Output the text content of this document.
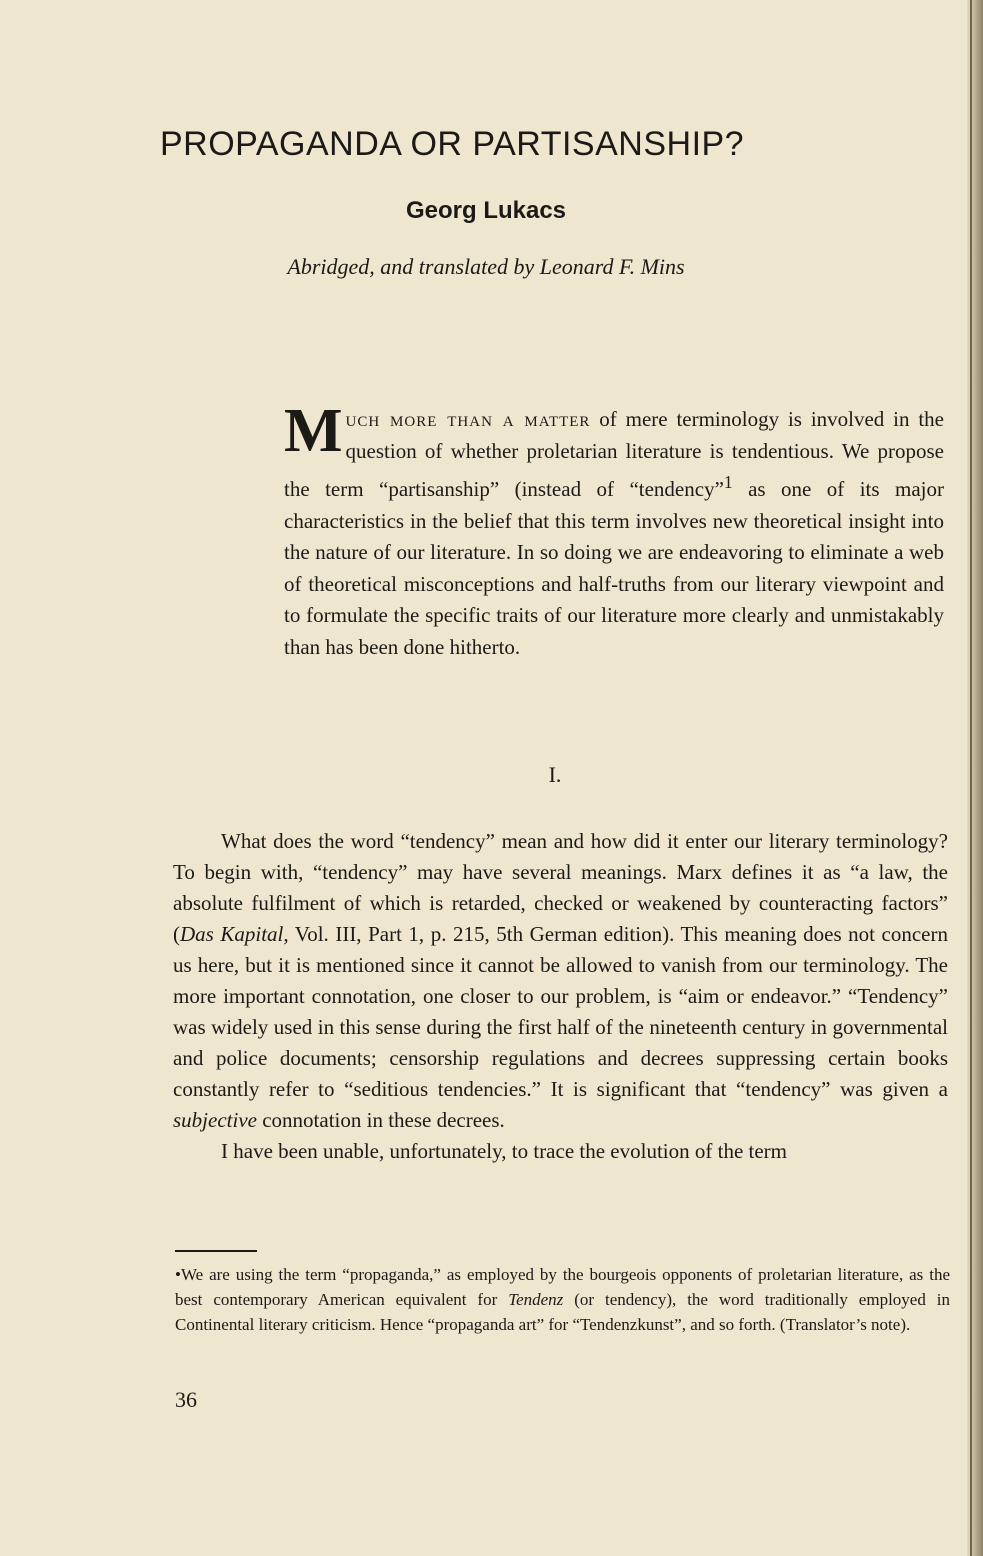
PROPAGANDA OR PARTISANSHIP?
Georg Lukacs

Abridged, and translated by Leonard F. Mins

Much more than a matter of mere terminology is involved in the question of whether proletarian literature is tendentious. We propose the term “partisanship” (instead of “tendency”$^1$ as one of its major characteristics in the belief that this term involves new theoretical insight into the nature of our literature. In so doing we are endeavoring to eliminate a web of theoretical misconceptions and half-truths from our literary viewpoint and to formulate the specific traits of our literature more clearly and unmistakably than has been done hitherto.

I.

What does the word “tendency” mean and how did it enter our literary terminology? To begin with, “tendency” may have several meanings. Marx defines it as “a law, the absolute fulfilment of which is retarded, checked or weakened by counteracting factors” (Das Kapital, Vol. III, Part 1, p. 215, 5th German edition). This meaning does not concern us here, but it is mentioned since it cannot be allowed to vanish from our terminology. The more important connotation, one closer to our problem, is “aim or endeavor.” “Tendency” was widely used in this sense during the first half of the nineteenth century in governmental and police documents; censorship regulations and decrees suppressing certain books constantly refer to “seditious tendencies.” It is significant that “tendency” was given a subjective connotation in these decrees.

I have been unable, unfortunately, to trace the evolution of the term

•We are using the term “propaganda,” as employed by the bourgeois opponents of proletarian literature, as the best contemporary American equivalent for Tendenz (or tendency), the word traditionally employed in Continental literary criticism. Hence “propaganda art” for “Tendenzkunst”, and so forth. (Translator’s note).

36
